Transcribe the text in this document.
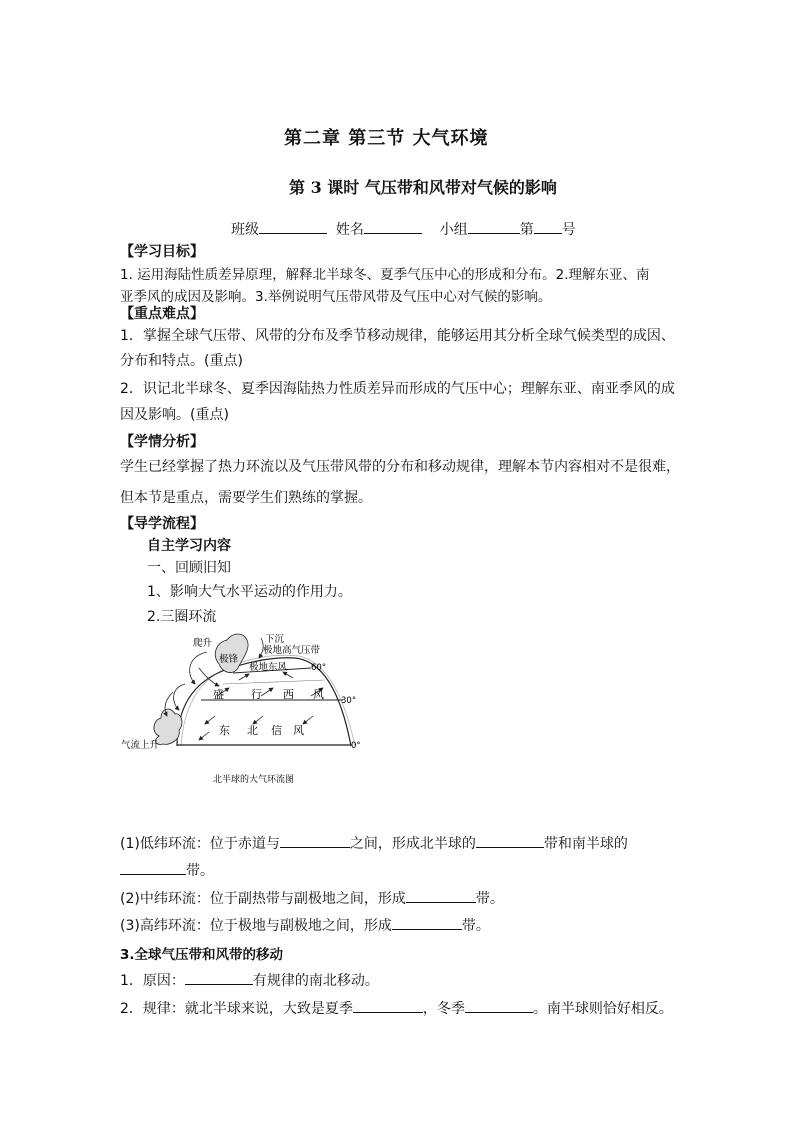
第二章 第三节 大气环境
第 3 课时 气压带和风带对气候的影响
班级	姓名	小组	第 号
【学习目标】
1. 运用海陆性质差异原理，解释北半球冬、夏季气压中心的形成和分布。2.理解东亚、南
亚季风的成因及影响。3.举例说明气压带风带及气压中心对气候的影响。
【重点难点】
1．掌握全球气压带、风带的分布及季节移动规律，能够运用其分析全球气候类型的成因、
分布和特点。(重点)
2．识记北半球冬、夏季因海陆热力性质差异而形成的气压中心；理解东亚、南亚季风的成
因及影响。(重点)
【学情分析】
学生已经掌握了热力环流以及气压带风带的分布和移动规律，理解本节内容相对不是很难，
但本节是重点，需要学生们熟练的掌握。
【导学流程】
自主学习内容
一、回顾旧知
1、影响大气水平运动的作用力。
2.三圈环流
爬升	下沉
极锋
极地高气压带
极地东风	60°
盛 行 西 风 30°
东 北 信 风
0°
气流上升
北半球的大气环流图
(1)低纬环流：位于赤道与	之间，形成北半球的	带和南半球的
带。
(2)中纬环流：位于副热带与副极地之间，形成	带。
(3)高纬环流：位于极地与副极地之间，形成	带。
3.全球气压带和风带的移动
1．原因：	有规律的南北移动。
2．规律：就北半球来说，大致是夏季	，冬季	。南半球则恰好相反。
